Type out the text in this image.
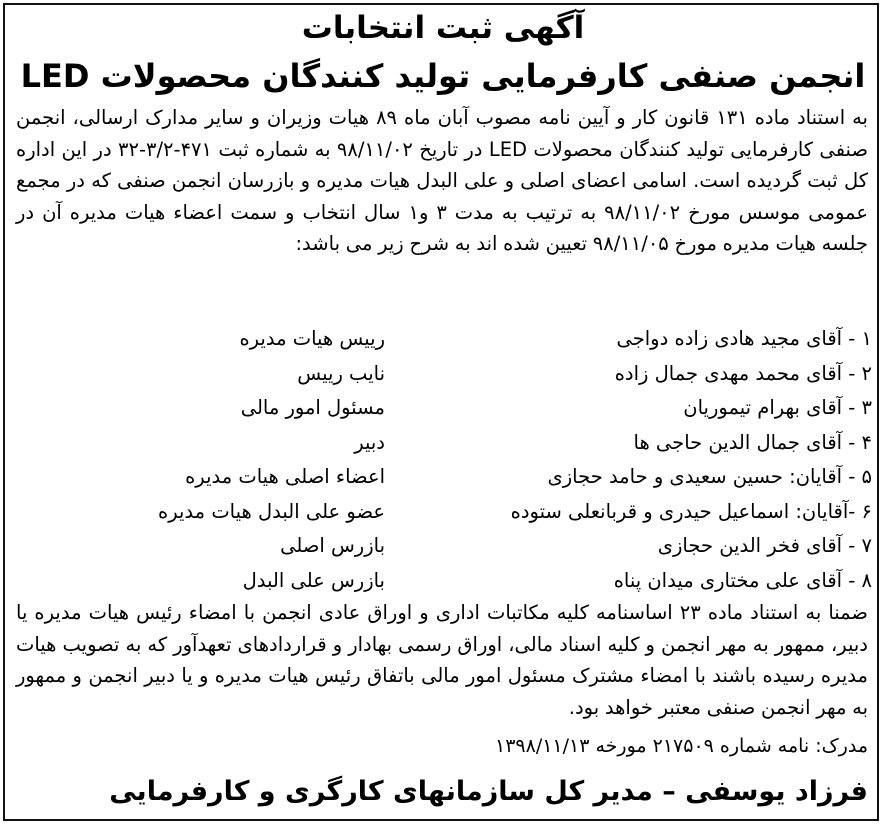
آگهی ثبت انتخابات
انجمن صنفی کارفرمایی تولید کنندگان محصولات LED
به استناد ماده ۱۳۱ قانون کار و آیین نامه مصوب آبان ماه ۸۹ هیات وزیران و سایر مدارک ارسالی، انجمن صنفی کارفرمایی تولید کنندگان محصولات LED در تاریخ ۹۸/۱۱/۰۲ به شماره ثبت ۴۷۱-۳/۲-۳۲ در این اداره کل ثبت گردیده است. اسامی اعضای اصلی و علی البدل هیات مدیره و بازرسان انجمن صنفی که در مجمع عمومی موسس مورخ ۹۸/۱۱/۰۲ به ترتیب به مدت ۳ و۱ سال انتخاب و سمت اعضاء هیات مدیره آن در جلسه هیات مدیره مورخ ۹۸/۱۱/۰۵ تعیین شده اند به شرح زیر می باشد:
۱ - آقای مجید هادی زاده دواجی
رییس هیات مدیره
۲ - آقای محمد مهدی جمال زاده
نایب رییس
۳ - آقای بهرام تیموریان
مسئول امور مالی
۴ - آقای جمال الدین حاجی ها
دبیر
۵ - آقایان: حسین سعیدی و حامد حجازی
اعضاء اصلی هیات مدیره
۶ -آقایان: اسماعیل حیدری و قربانعلی ستوده
عضو علی البدل هیات مدیره
۷ - آقای فخر الدین حجازی
بازرس اصلی
۸ - آقای علی مختاری میدان پناه
بازرس علی البدل
ضمنا به استناد ماده ۲۳ اساسنامه کلیه مکاتبات اداری و اوراق عادی انجمن با امضاء رئیس هیات مدیره یا دبیر، ممهور به مهر انجمن و کلیه اسناد مالی، اوراق رسمی بهادار و قراردادهای تعهدآور که به تصویب هیات مدیره رسیده باشند با امضاء مشترک مسئول امور مالی باتفاق رئیس هیات مدیره و یا دبیر انجمن و ممهور به مهر انجمن صنفی معتبر خواهد بود.
مدرک: نامه شماره ۲۱۷۵۰۹ مورخه ۱۳۹۸/۱۱/۱۳
فرزاد یوسفی – مدیر کل سازمانهای کارگری و کارفرمایی
